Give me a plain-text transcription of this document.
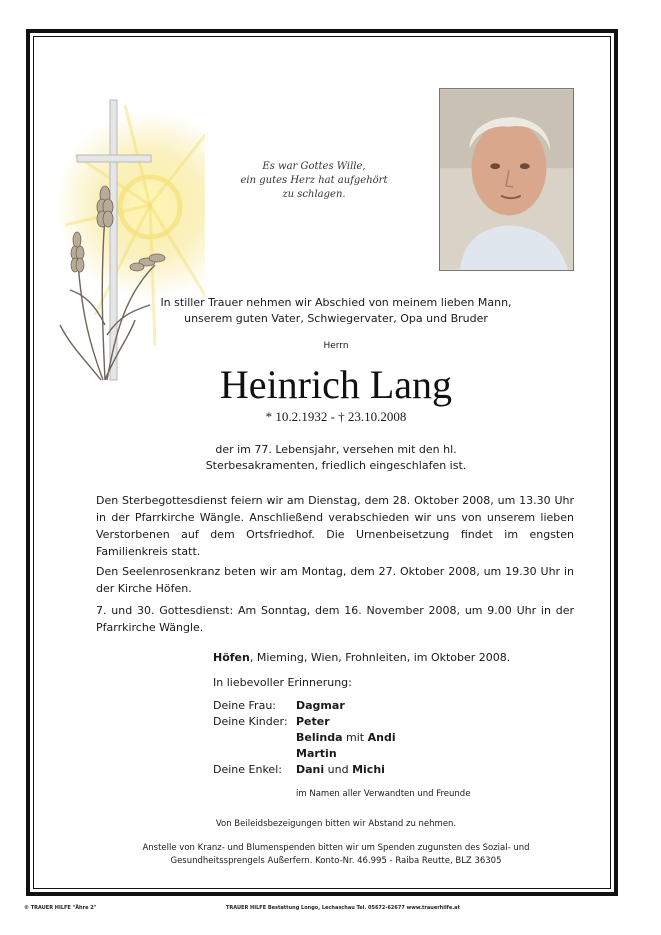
Es war Gottes Wille,
ein gutes Herz hat aufgehört
zu schlagen.
In stiller Trauer nehmen wir Abschied von meinem lieben Mann,
unserem guten Vater, Schwiegervater, Opa und Bruder
Herrn
Heinrich Lang
* 10.2.1932 - † 23.10.2008
der im 77. Lebensjahr, versehen mit den hl.
Sterbesakramenten, friedlich eingeschlafen ist.
Den Sterbegottesdienst feiern wir am Dienstag, dem 28. Oktober 2008, um 13.30 Uhr in der Pfarrkirche Wängle. Anschließend verabschieden wir uns von unserem lieben Verstorbenen auf dem Ortsfriedhof. Die Urnenbeisetzung findet im engsten Familienkreis statt.
Den Seelenrosenkranz beten wir am Montag, dem 27. Oktober 2008, um 19.30 Uhr in der Kirche Höfen.
7. und 30. Gottesdienst: Am Sonntag, dem 16. November 2008, um 9.00 Uhr in der Pfarrkirche Wängle.
Höfen, Mieming, Wien, Frohnleiten, im Oktober 2008.
In liebevoller Erinnerung:
Deine Frau: Dagmar
Deine Kinder: Peter
Belinda mit Andi
Martin
Deine Enkel: Dani und Michi
im Namen aller Verwandten und Freunde
Von Beileidsbezeigungen bitten wir Abstand zu nehmen.
Anstelle von Kranz- und Blumenspenden bitten wir um Spenden zugunsten des Sozial- und
Gesundheitssprengels Außerfern. Konto-Nr. 46.995 - Raiba Reutte, BLZ 36305
© TRAUER HILFE "Ähre 2"	TRAUER HILFE Bestattung Longo, Lechaschau Tel. 05672-62677 www.trauerhilfe.at
